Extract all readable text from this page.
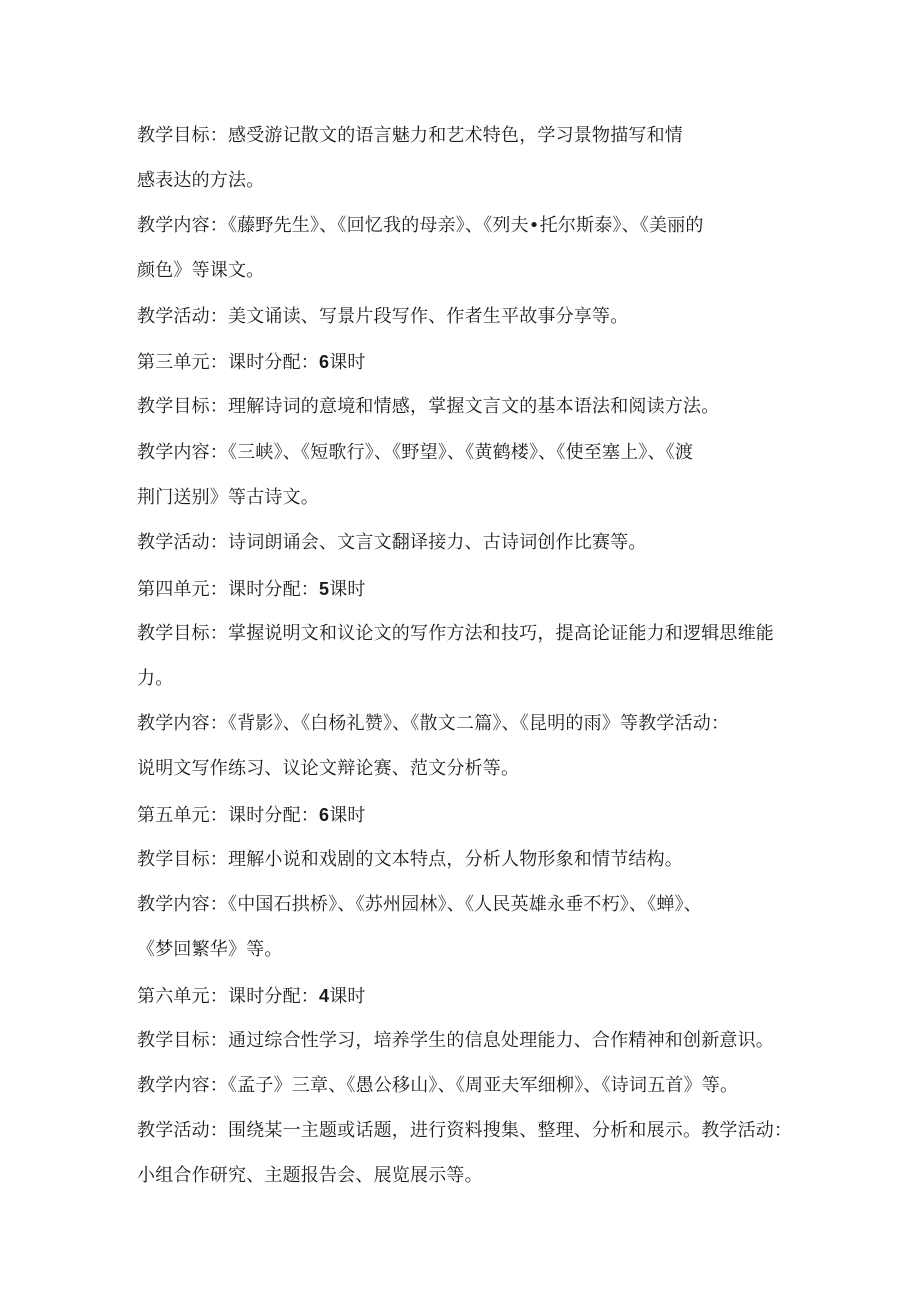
教学目标：感受游记散文的语言魅力和艺术特色，学习景物描写和情
感表达的方法。
教学内容：《藤野先生》、《回忆我的母亲》、《列夫•托尔斯泰》、《美丽的
颜色》等课文。
教学活动：美文诵读、写景片段写作、作者生平故事分享等。
第三单元：课时分配：6课时
教学目标：理解诗词的意境和情感，掌握文言文的基本语法和阅读方法。
教学内容：《三峡》、《短歌行》、《野望》、《黄鹤楼》、《使至塞上》、《渡
荆门送别》等古诗文。
教学活动：诗词朗诵会、文言文翻译接力、古诗词创作比赛等。
第四单元：课时分配：5课时
教学目标：掌握说明文和议论文的写作方法和技巧，提高论证能力和逻辑思维能
力。
教学内容：《背影》、《白杨礼赞》、《散文二篇》、《昆明的雨》等教学活动：
说明文写作练习、议论文辩论赛、范文分析等。
第五单元：课时分配：6课时
教学目标：理解小说和戏剧的文本特点，分析人物形象和情节结构。
教学内容：《中国石拱桥》、《苏州园林》、《人民英雄永垂不朽》、《蝉》、
《梦回繁华》等。
第六单元：课时分配：4课时
教学目标：通过综合性学习，培养学生的信息处理能力、合作精神和创新意识。
教学内容：《孟子》三章、《愚公移山》、《周亚夫军细柳》、《诗词五首》等。
教学活动：围绕某一主题或话题，进行资料搜集、整理、分析和展示。教学活动：
小组合作研究、主题报告会、展览展示等。
